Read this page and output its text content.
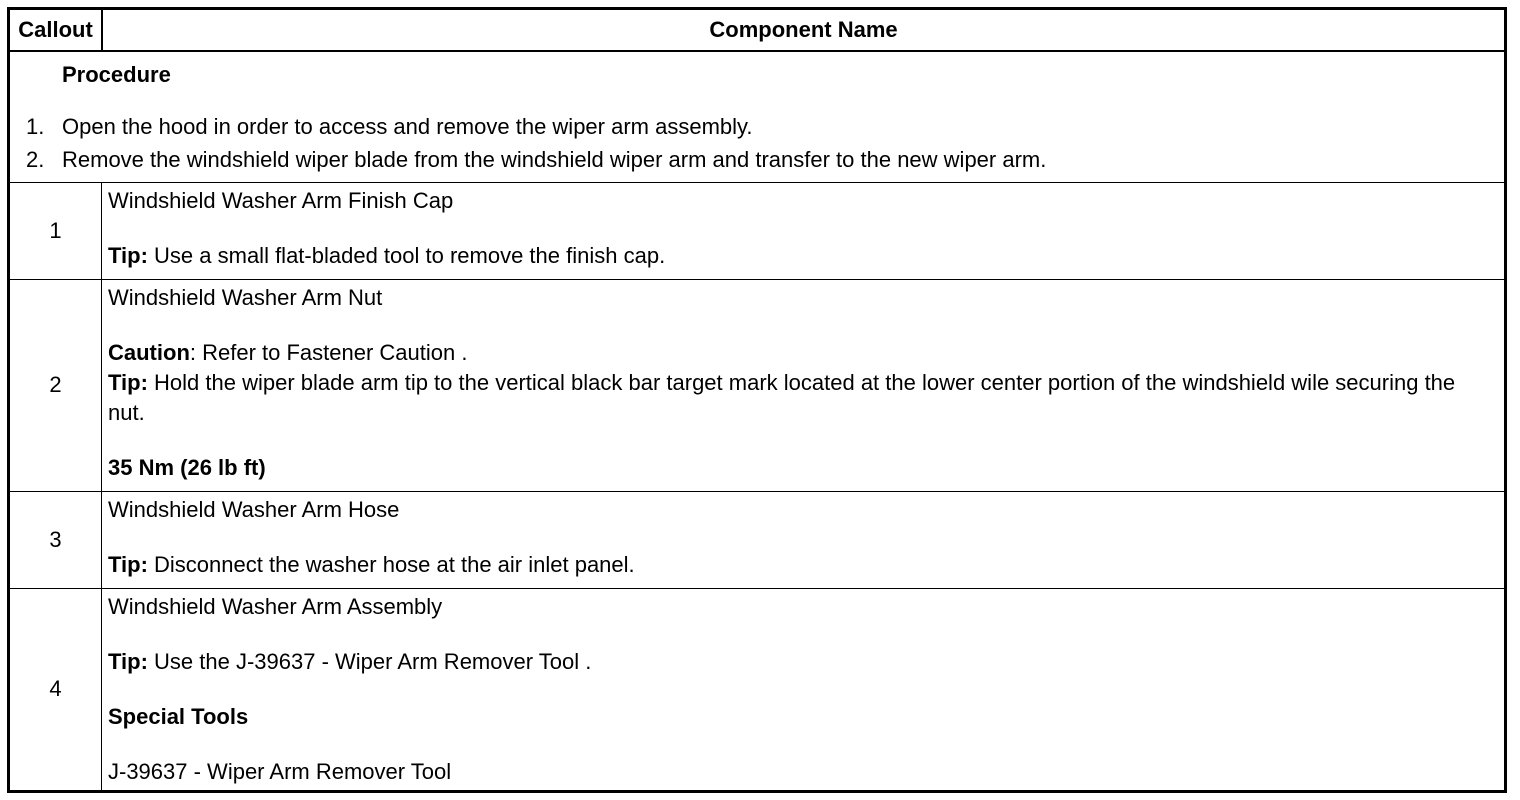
Callout	Component Name
Procedure
1. Open the hood in order to access and remove the wiper arm assembly.
2. Remove the windshield wiper blade from the windshield wiper arm and transfer to the new wiper arm.
1
Windshield Washer Arm Finish Cap
Tip: Use a small flat-bladed tool to remove the finish cap.
2
Windshield Washer Arm Nut
Caution: Refer to Fastener Caution .
Tip: Hold the wiper blade arm tip to the vertical black bar target mark located at the lower center portion of the windshield wile securing the nut.
35 Nm (26 lb ft)
3
Windshield Washer Arm Hose
Tip: Disconnect the washer hose at the air inlet panel.
4
Windshield Washer Arm Assembly
Tip: Use the J-39637 - Wiper Arm Remover Tool .
Special Tools
J-39637 - Wiper Arm Remover Tool
